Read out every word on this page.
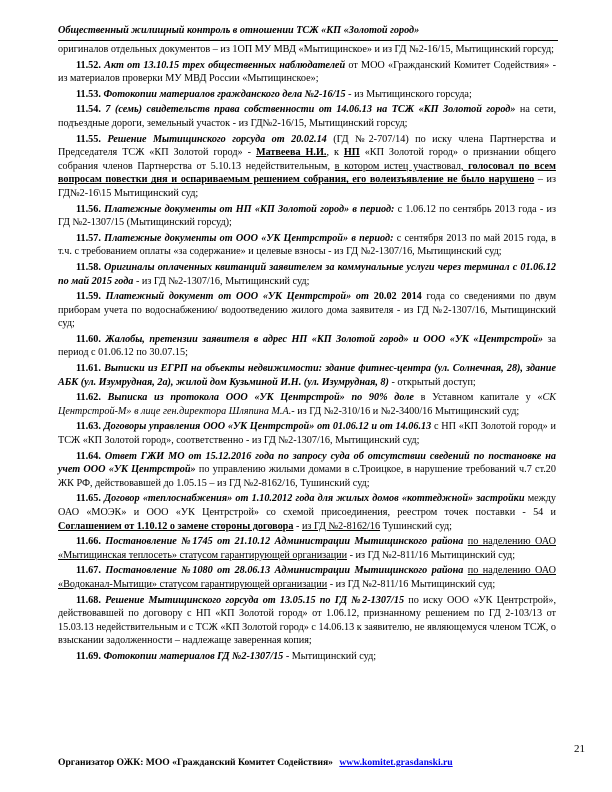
Общественный жилищный контроль в отношении ТСЖ «КП «Золотой город»

оригиналов отдельных документов – из 1ОП МУ МВД «Мытищинское» и из ГД №2-16/15, Мытищинский горсуд;

11.52. Акт от 13.10.15 трех общественных наблюдателей от МОО «Гражданский Комитет Содействия» - из материалов проверки МУ МВД России «Мытищинское»;

11.53. Фотокопии материалов гражданского дела №2-16/15 - из Мытищинского горсуда;

11.54. 7 (семь) свидетельств права собственности от 14.06.13 на ТСЖ «КП Золотой город» на сети, подъездные дороги, земельный участок - из ГД№2-16/15, Мытищинский горсуд;

11.55. Решение Мытищинского горсуда от 20.02.14 (ГД №2-707/14) по иску члена Партнерства и Председателя ТСЖ «КП Золотой город» - Матвеева Н.И., к НП «КП Золотой город» о признании общего собрания членов Партнерства от 5.10.13 недействительным, в котором истец участвовал, голосовал по всем вопросам повестки дня и оспариваемым решением собрания, его волеизъявление не было нарушено – из ГД№2-16\15 Мытищинский суд;

11.56. Платежные документы от НП «КП Золотой город» в период: с 1.06.12 по сентябрь 2013 года - из ГД №2-1307/15 (Мытищинский горсуд);

11.57. Платежные документы от ООО «УК Центрстрой» в период: с сентября 2013 по май 2015 года, в т.ч. с требованием оплаты «за содержание» и целевые взносы - из ГД №2-1307/16, Мытищинский суд;

11.58. Оригиналы оплаченных квитанций заявителем за коммунальные услуги через терминал с 01.06.12 по май 2015 года - из ГД №2-1307/16, Мытищинский суд;

11.59. Платежный документ от ООО «УК Центрстрой» от 20.02 2014 года со сведениями по двум приборам учета по водоснабжению/ водоотведению жилого дома заявителя - из ГД №2-1307/16, Мытищинский суд;

11.60. Жалобы, претензии заявителя в адрес НП «КП Золотой город» и ООО «УК «Центрстрой» за период с 01.06.12 по 30.07.15;

11.61. Выписки из ЕГРП на объекты недвижимости: здание фитнес-центра (ул. Солнечная, 28), здание АБК (ул. Изумрудная, 2а), жилой дом Кузьминой И.Н. (ул. Изумрудная, 8) - открытый доступ;

11.62. Выписка из протокола ООО «УК Центрстрой» по 90% доле в Уставном капитале у «СК Центрстрой-М» в лице ген.директора Шляпина М.А.- из ГД №2-310/16 и №2-3400/16 Мытищинский суд;

11.63. Договоры управления ООО «УК Центрстрой» от 01.06.12 и от 14.06.13 с НП «КП Золотой город» и ТСЖ «КП Золотой город», соответственно - из ГД №2-1307/16, Мытищинский суд;

11.64. Ответ ГЖИ МО от 15.12.2016 года по запросу суда об отсутствии сведений по постановке на учет ООО «УК Центрстрой» по управлению жилыми домами в с.Троицкое, в нарушение требований ч.7 ст.20 ЖК РФ, действовавшей до 1.05.15 – из ГД №2-8162/16, Тушинский суд;

11.65. Договор «теплоснабжения» от 1.10.2012 года для жилых домов «коттеджной» застройки между ОАО «МОЭК» и ООО «УК Центрстрой» со схемой присоединения, реестром точек поставки - 54 и Соглашением от 1.10.12 о замене стороны договора - из ГД №2-8162/16 Тушинский суд;

11.66. Постановление №1745 от 21.10.12 Администрации Мытищинского района по наделению ОАО «Мытищинская теплосеть» статусом гарантирующей организации - из ГД №2-811/16 Мытищинский суд;

11.67. Постановление №1080 от 28.06.13 Администрации Мытищинского района по наделению ОАО «Водоканал-Мытищи» статусом гарантирующей организации - из ГД №2-811/16 Мытищинский суд;

11.68. Решение Мытищинского горсуда от 13.05.15 по ГД №2-1307/15 по иску ООО «УК Центрстрой», действовавшей по договору с НП «КП Золотой город» от 1.06.12, признанному решением по ГД 2-103/13 от 15.03.13 недействительным и с ТСЖ «КП Золотой город» с 14.06.13 к заявителю, не являющемуся членом ТСЖ, о взыскании задолженности – надлежаще заверенная копия;

11.69. Фотокопии материалов ГД №2-1307/15 - Мытищинский суд;

21
Организатор ОЖК: МОО «Гражданский Комитет Содействия» www.komitet.grasdanski.ru
